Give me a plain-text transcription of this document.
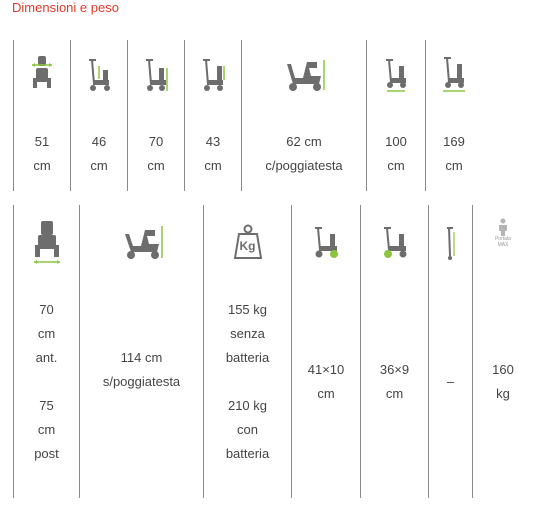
Dimensioni e peso
51
cm
46
cm
70
cm
43
cm
62 cm
c/poggiatesta
100
cm
169
cm
70
cm
ant.

75
cm
post
114 cm
s/poggiatesta
Kg
155 kg
senza
batteria

210 kg
con
batteria
41×10
cm
36×9
cm
–
Portata
MAX
160
kg
